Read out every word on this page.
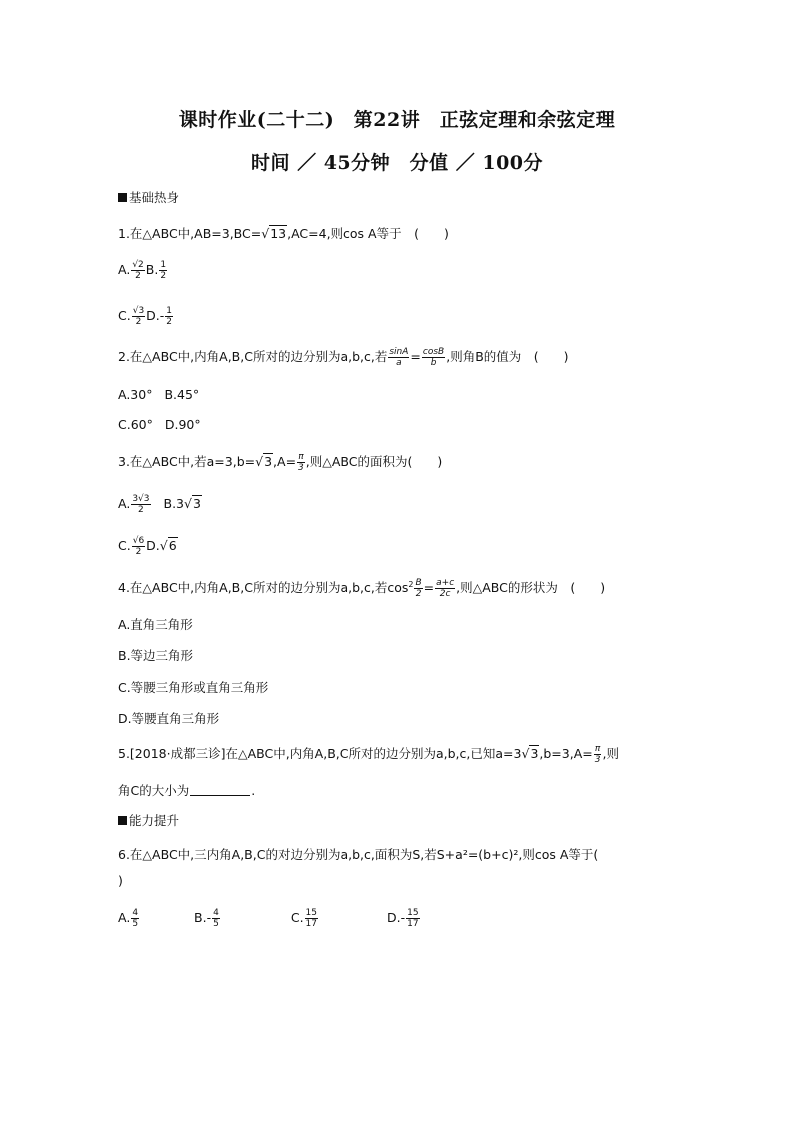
课时作业(二十二)　第22讲　正弦定理和余弦定理
时间 ／ 45分钟　分值 ／ 100分
基础热身
1.在△ABC中,AB=3,BC=√13,AC=4,则cos A等于　(　　)
A. $\frac{√2}{2} B$. $\frac{1}{2}$
C. $\frac{√3}{2} D.- \frac{1}{2}$
2.在△ABC中,内角A,B,C所对的边分别为a,b,c,若 $\frac{\sin A}{a} = \frac{\cos B}{b}$ ,则角B的值为　(　　)
A.30° B.45°
C.60° D.90°
3.在△ABC中,若$a=3,b=√3,A= \frac{\pi}{3}$ ,则△ABC的面积为(　　)
A. $\frac{3√3}{2} B.3√3$
C. $\frac{√6}{2} D.√6$
4.在△ABC中,内角A,B,C所对的边分别为a,b,c,若$\cos^2 \frac{B}{2} = \frac{a+c}{2c}$ ,则△ABC的形状为　(　　)
A.直角三角形
B.等边三角形
C.等腰三角形或直角三角形
D.等腰直角三角形
5.[2018·成都三诊]在△ABC中,内角A,B,C所对的边分别为a,b,c,已知$a=3√3,b=3,A= \frac{\pi}{3}$ ,则
角C的大小为	.
能力提升
6.在△ABC中,三内角A,B,C的对边分别为a,b,c,面积为S,若S+a²=(b+c)²,则cos A等于(
)
A. $\frac{4}{5}$	$B.- \frac{4}{5}$	C. $\frac{15}{17}$	$D.- \frac{15}{17}$
